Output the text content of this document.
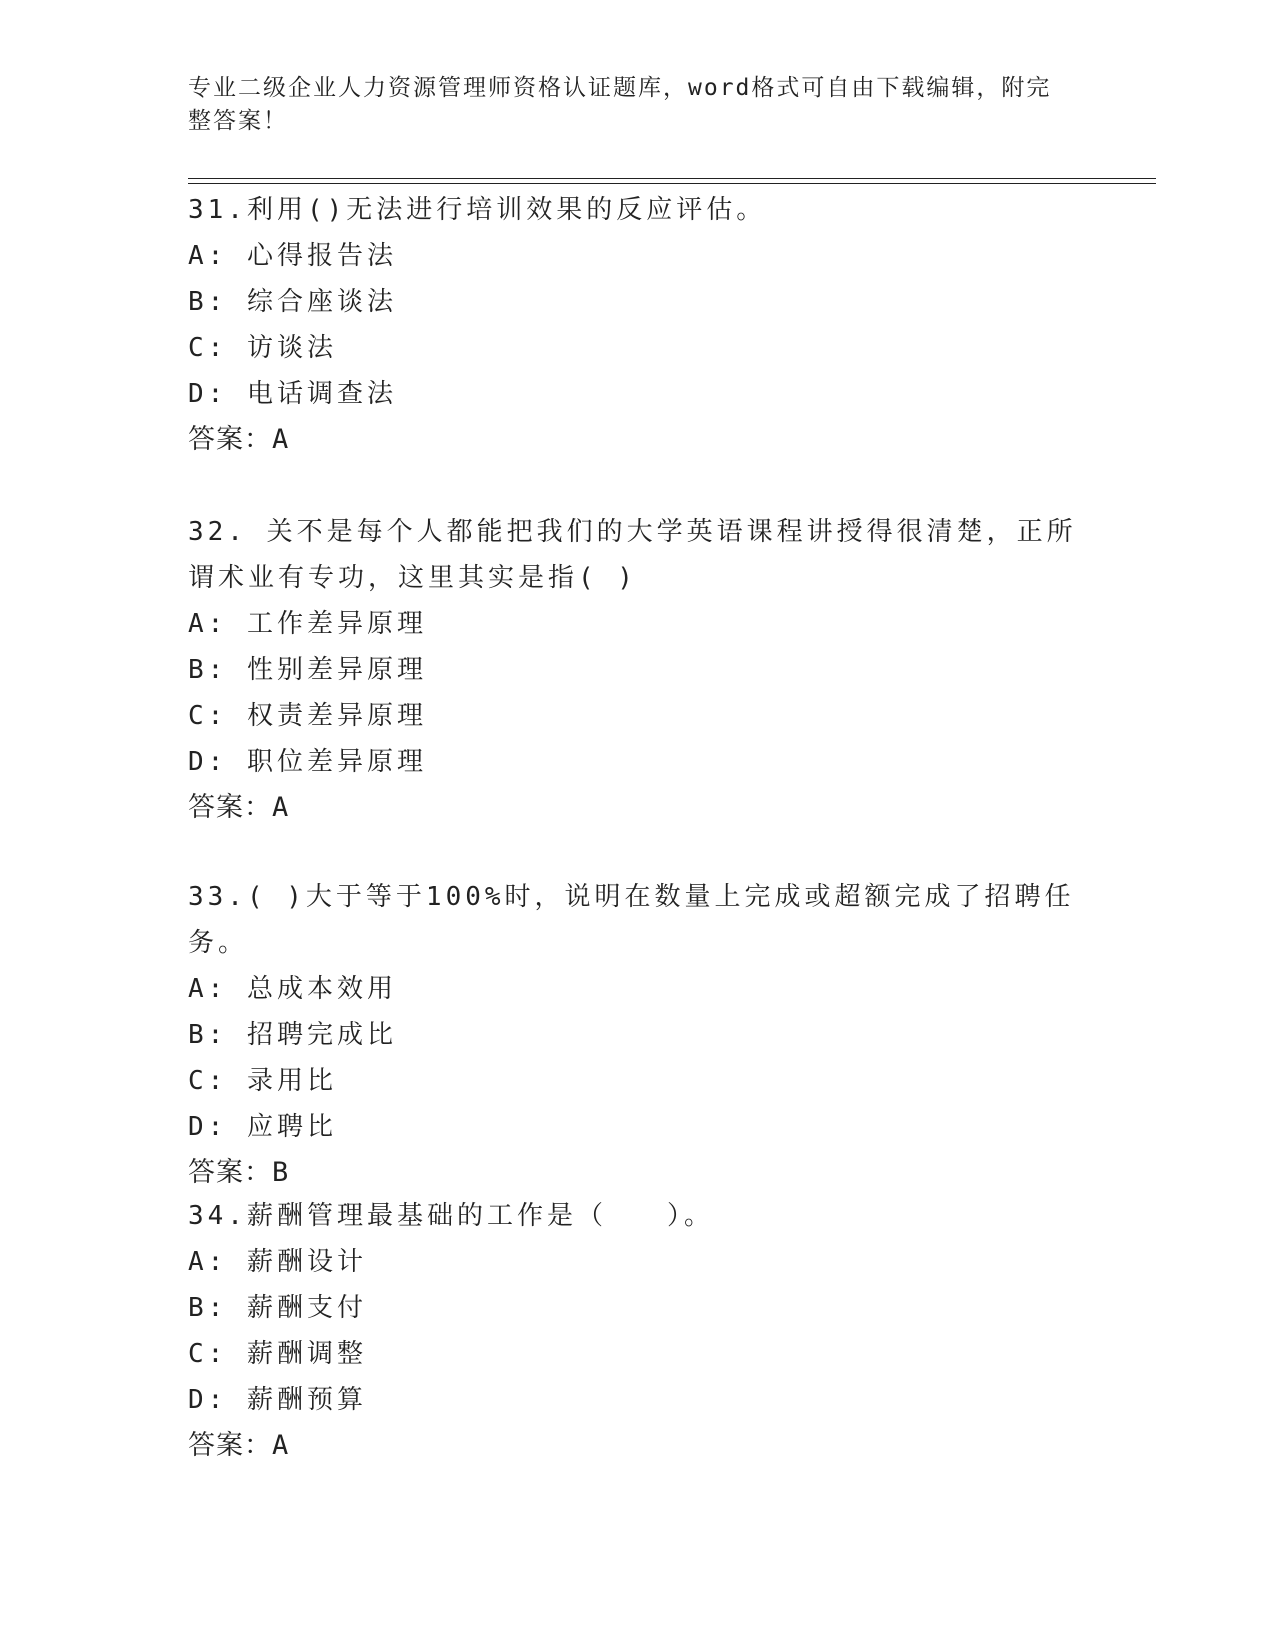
专业二级企业人力资源管理师资格认证题库，word格式可自由下载编辑，附完整答案！
31.利用()无法进行培训效果的反应评估。
A: 心得报告法
B: 综合座谈法
C: 访谈法
D: 电话调查法
答案：A
32. 关不是每个人都能把我们的大学英语课程讲授得很清楚，正所谓术业有专功，这里其实是指( )
A: 工作差异原理
B: 性别差异原理
C: 权责差异原理
D: 职位差异原理
答案：A
33.( )大于等于100%时，说明在数量上完成或超额完成了招聘任务。
A: 总成本效用
B: 招聘完成比
C: 录用比
D: 应聘比
答案：B
34.薪酬管理最基础的工作是（　　）。
A: 薪酬设计
B: 薪酬支付
C: 薪酬调整
D: 薪酬预算
答案：A
